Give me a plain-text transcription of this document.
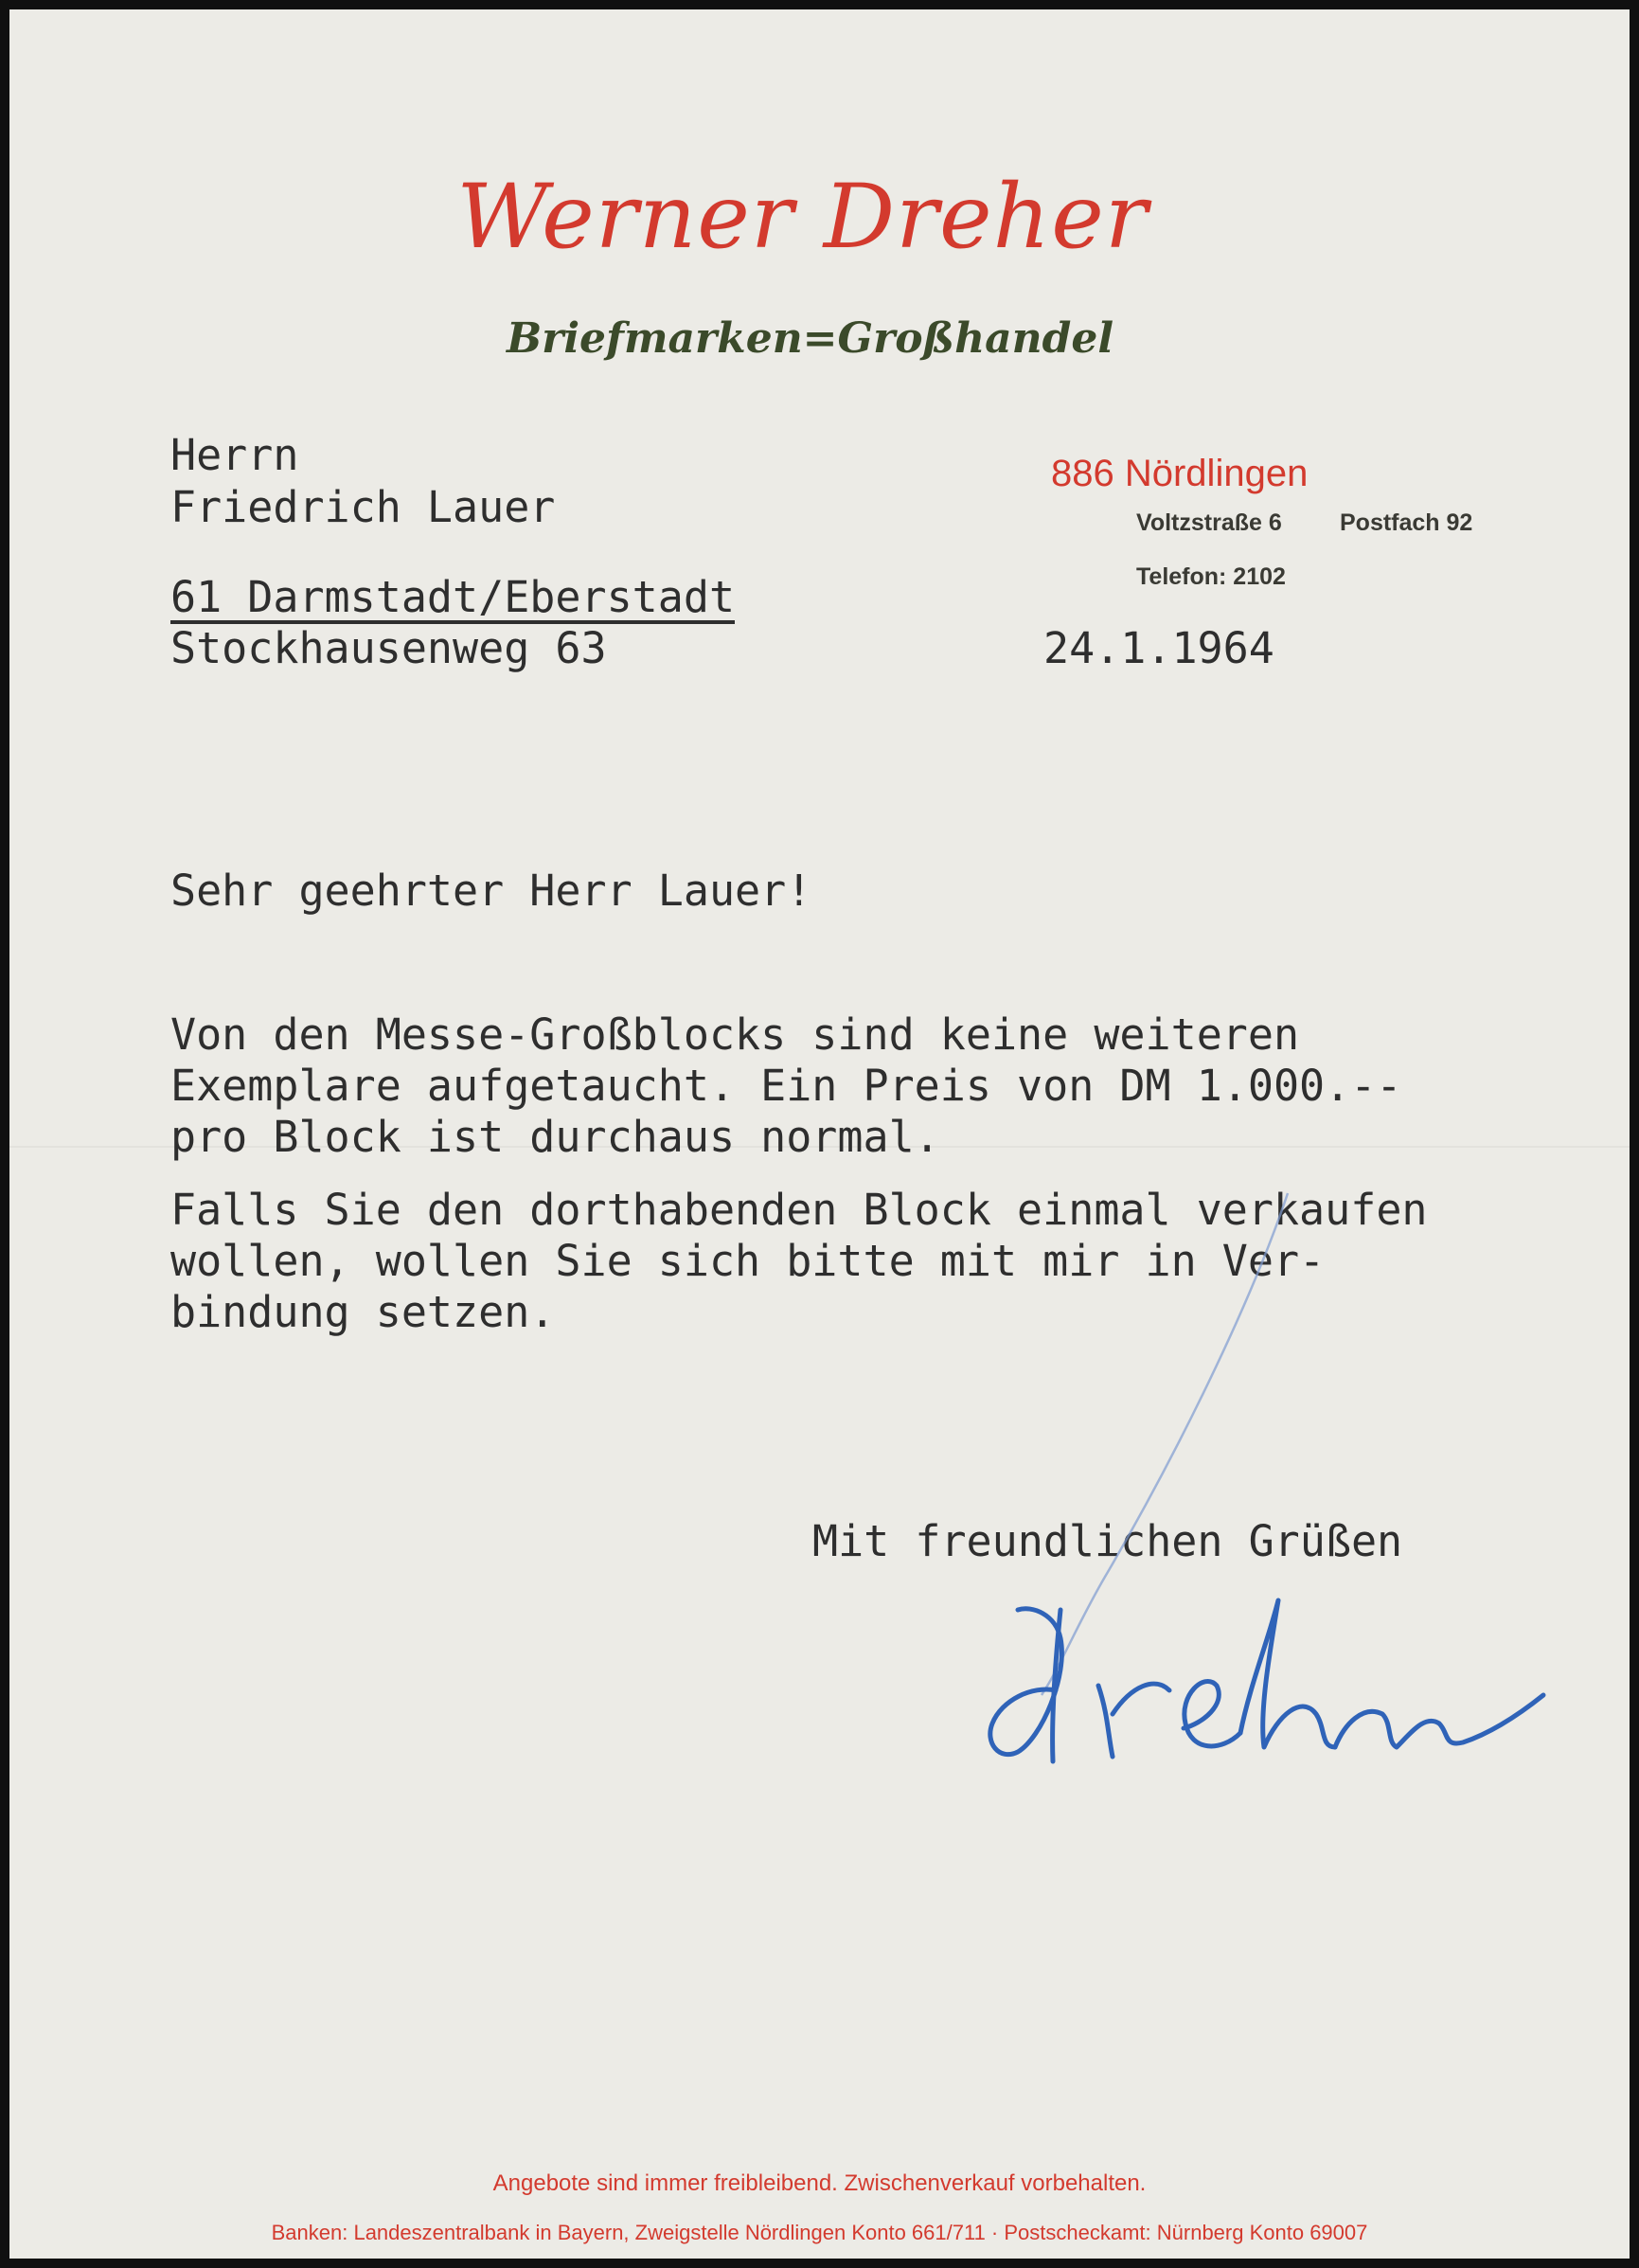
Werner Dreher
Briefmarken=Großhandel
886 Nördlingen
Voltzstraße 6 Postfach 92
Telefon: 2102
Herrn
Friedrich Lauer
61 Darmstadt/Eberstadt
Stockhausenweg 63	24.1.1964
Sehr geehrter Herr Lauer!
Von den Messe-Großblocks sind keine weiteren
Exemplare aufgetaucht. Ein Preis von DM 1.000.--
pro Block ist durchaus normal.
Falls Sie den dorthabenden Block einmal verkaufen
wollen, wollen Sie sich bitte mit mir in Ver-
bindung setzen.
Mit freundlichen Grüßen
Angebote sind immer freibleibend. Zwischenverkauf vorbehalten.
Banken: Landeszentralbank in Bayern, Zweigstelle Nördlingen Konto 661/711 · Postscheckamt: Nürnberg Konto 69007
